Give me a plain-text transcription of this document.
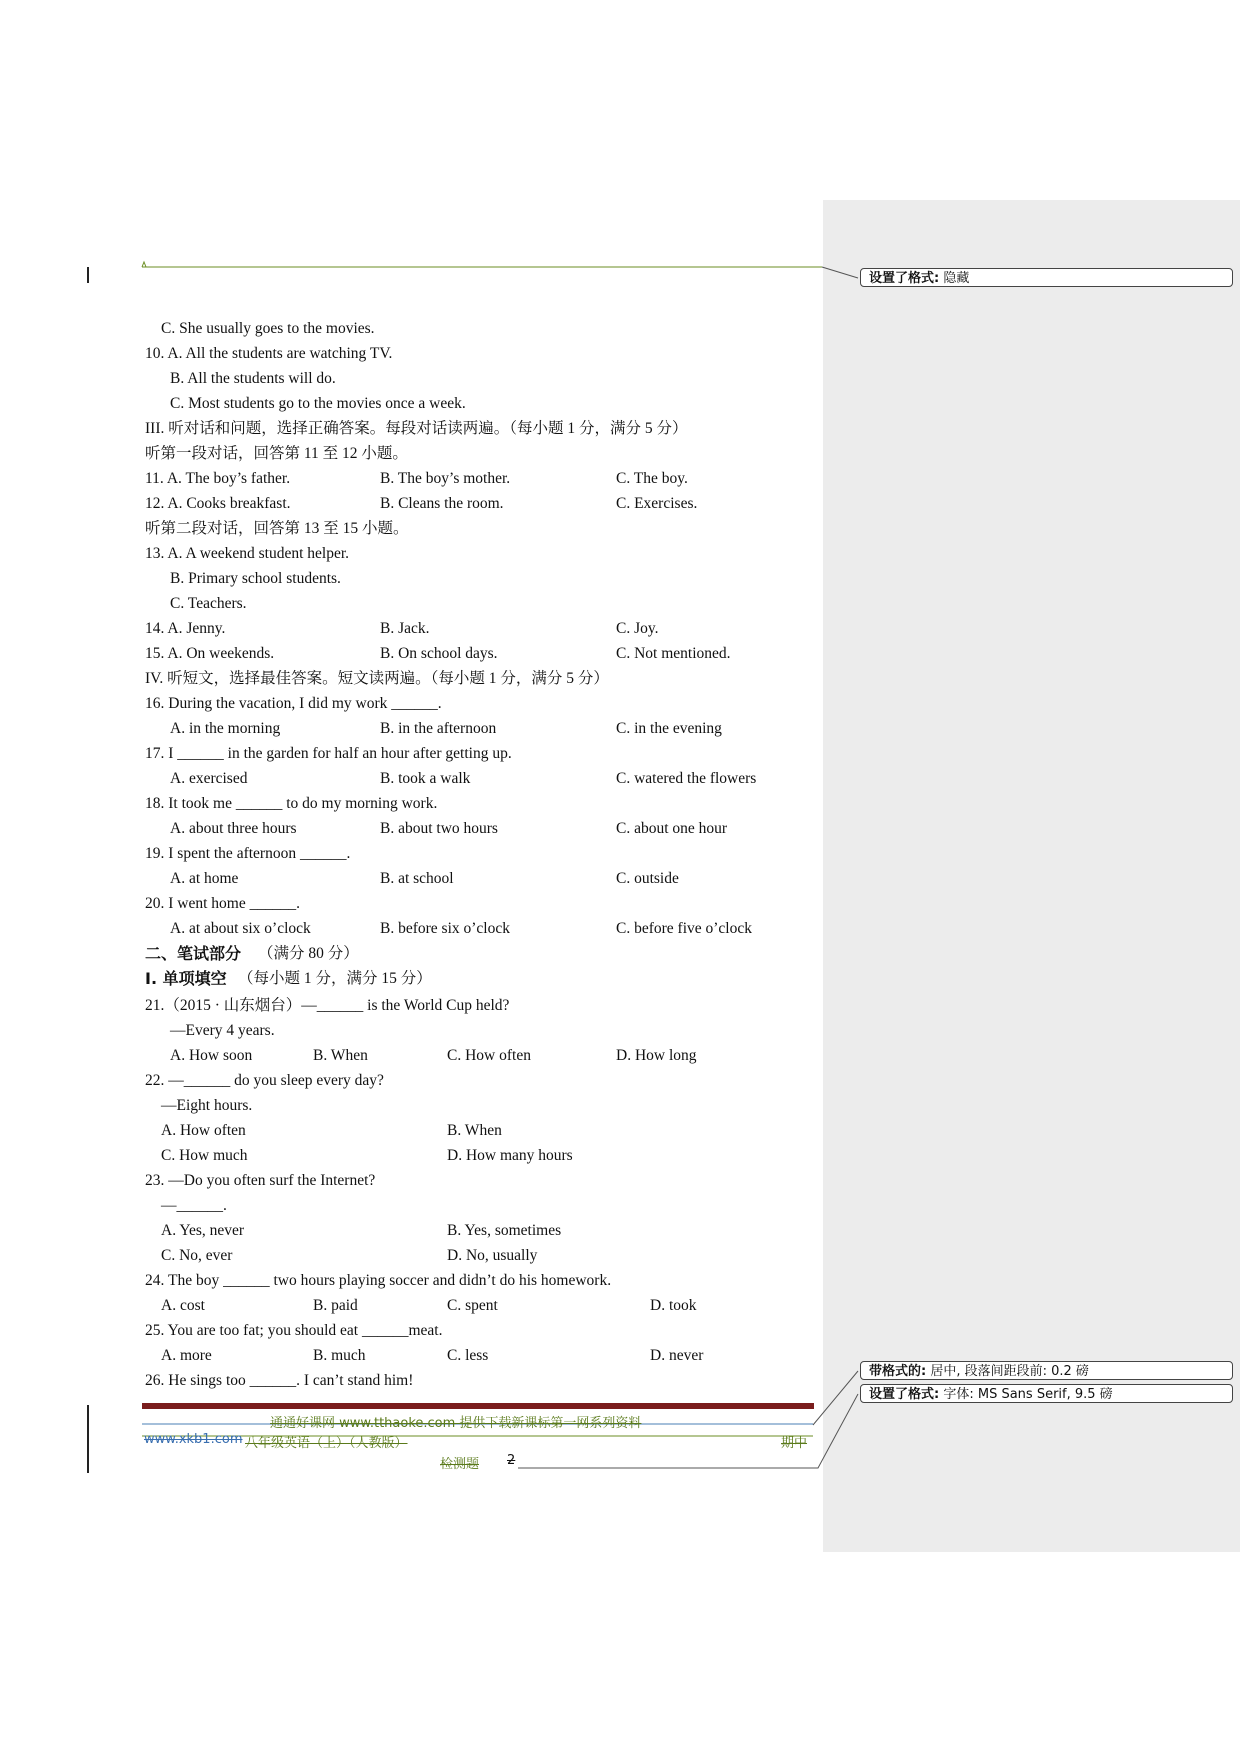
设置了格式: 隐藏
带格式的: 居中, 段落间距段前: 0.2 磅
设置了格式: 字体: MS Sans Serif, 9.5 磅
C. She usually goes to the movies.
10. A. All the students are watching TV.
B. All the students will do.
C. Most students go to the movies once a week.
III. 听对话和问题，选择正确答案。每段对话读两遍。（每小题 1 分，满分 5 分）
听第一段对话，回答第 11 至 12 小题。
11. A. The boy’s father.	B. The boy’s mother.	C. The boy.
12. A. Cooks breakfast.	B. Cleans the room.	C. Exercises.
听第二段对话，回答第 13 至 15 小题。
13. A. A weekend student helper.
B. Primary school students.
C. Teachers.
14. A. Jenny.	B. Jack.	C. Joy.
15. A. On weekends.	B. On school days.	C. Not mentioned.
IV. 听短文，选择最佳答案。短文读两遍。（每小题 1 分，满分 5 分）
16. During the vacation, I did my work ______.
A. in the morning	B. in the afternoon	C. in the evening
17. I ______ in the garden for half an hour after getting up.
A. exercised	B. took a walk	C. watered the flowers
18. It took me ______ to do my morning work.
A. about three hours	B. about two hours	C. about one hour
19. I spent the afternoon ______.
A. at home	B. at school	C. outside
20. I went home ______.
A. at about six o’clock	B. before six o’clock	C. before five o’clock
二、笔试部分 （满分 80 分）
I. 单项填空 （每小题 1 分，满分 15 分）
21.（2015 · 山东烟台）—______ is the World Cup held?
—Every 4 years.
A. How soon	B. When	C. How often	D. How long
22. —______ do you sleep every day?
—Eight hours.
A. How often	B. When
C. How much	D. How many hours
23. —Do you often surf the Internet?
—______.
A. Yes, never	B. Yes, sometimes
C. No, ever	D. No, usually
24. The boy ______ two hours playing soccer and didn’t do his homework.
A. cost	B. paid	C. spent	D. took
25. You are too fat; you should eat ______meat.
A. more	B. much	C. less	D. never
26. He sings too ______. I can’t stand him!
通通好课网 www.tthaoke.com 提供下载新课标第一网系列资料
www.xkb1.com 八年级英语（上）（人教版）	期中
检测题 2
